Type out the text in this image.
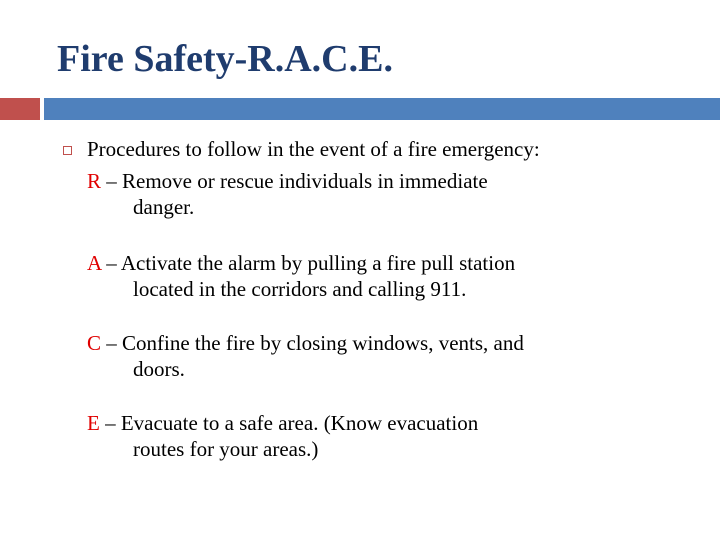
Fire Safety-R.A.C.E.
Procedures to follow in the event of a fire emergency:
R – Remove or rescue individuals in immediate
danger.
A – Activate the alarm by pulling a fire pull station
located in the corridors and calling 911.
C – Confine the fire by closing windows, vents, and
doors.
E – Evacuate to a safe area. (Know evacuation
routes for your areas.)
